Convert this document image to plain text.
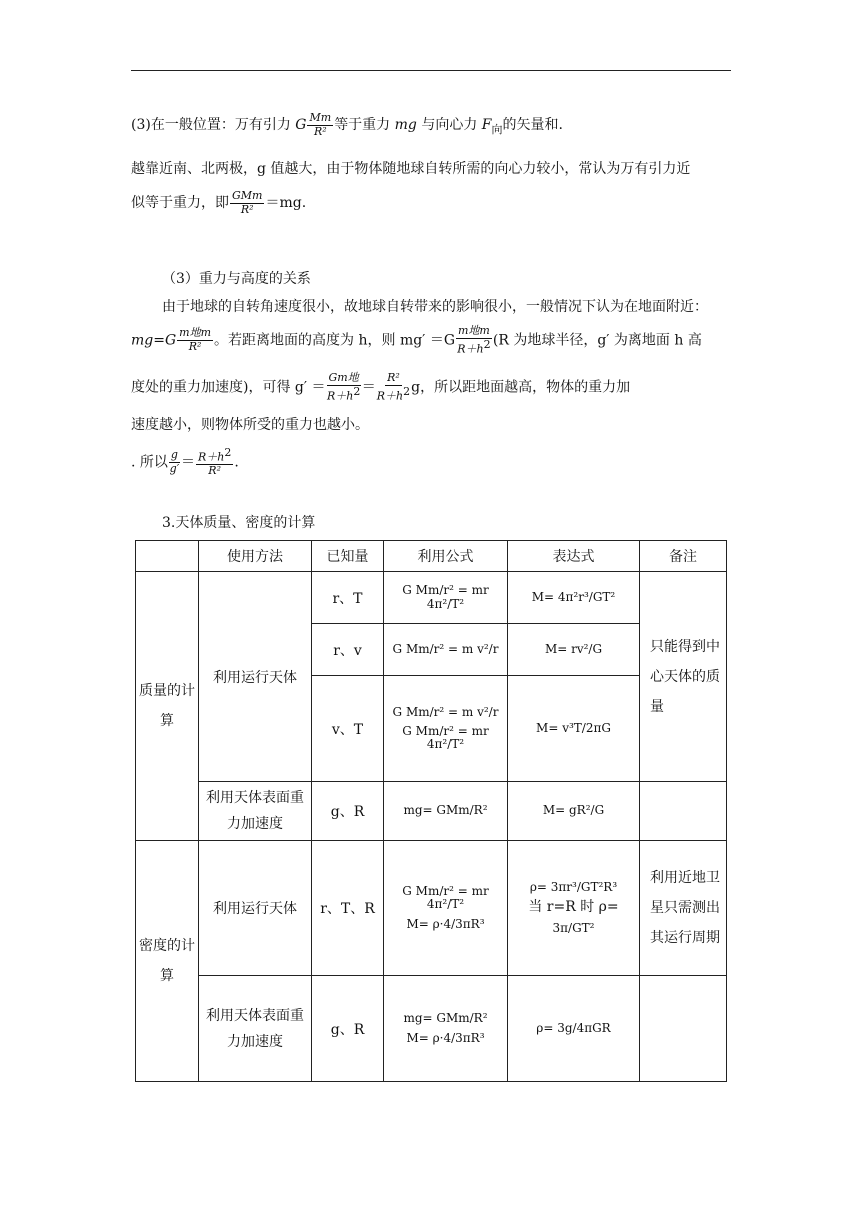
(3)在一般位置：万有引力 G $\frac{Mm}{\text{R²}}$ 等于重力 mg 与向心力 $F_向$的矢量和.
越靠近南、北两极，g 值越大，由于物体随地球自转所需的向心力较小，常认为万有引力近
似等于重力，即 $\frac{\text{GMm}}{\text{R²}} =mg$.
（3）重力与高度的关系
由于地球的自转角速度很小，故地球自转带来的影响很小，一般情况下认为在地面附近：
$mg=G \frac{\text{m地m}}{\text{R²}}$ 。若距离地面的高度为 h，则 $mg' =G \frac{\text{m地m}}{R+h^2} (R$ 为地球半径，g′ 为离地面 h 高
度处的重力加速度)，可得 $g' = \frac{\text{Gm地}}{R+h^2} = \frac{\text{R²}}{R+h^2}$ g，所以距地面越高，物体的重力加
速度越小，则物体所受的重力也越小。
. 所以 $\frac{g}{g'} = \frac{R+h^2}{\text{R²}}$ .
3.天体质量、密度的计算
	使用方法	已知量	利用公式	表达式	备注
质量的计算	利用运行天体	r、T	G Mm/r² = mr 4π²/T²	M= 4π²r³/GT²	只能得到中心天体的质量
		r、v	G Mm/r² = m v²/r	M= rv²/G	
		v、T	G Mm/r² = m v²/r
G Mm/r² = mr 4π²/T²	M= v³T/2πG	
	利用天体表面重力加速度	g、R	mg= GMm/R²	M= gR²/G	
密度的计算	利用运行天体	r、T、R	G Mm/r² = mr 4π²/T²
M= ρ·4/3πR³	ρ= 3πr³/GT²R³
当 r=R 时 ρ=
3π/GT²	利用近地卫星只需测出其运行周期
	利用天体表面重力加速度	g、R	mg= GMm/R²
M= ρ·4/3πR³	ρ= 3g/4πGR	
